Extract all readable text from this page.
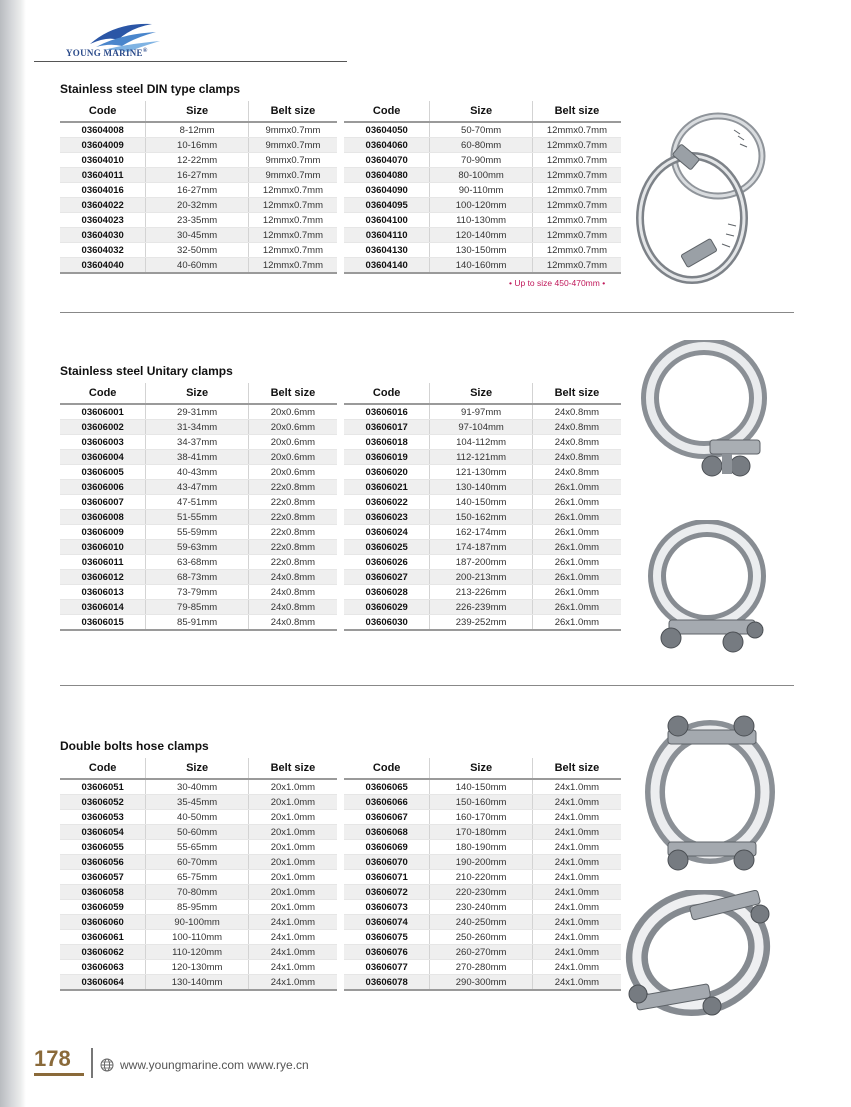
YOUNG MARINE®
Stainless steel DIN type clamps
Code	Size	Belt size
03604008	8-12mm	9mmx0.7mm
03604009	10-16mm	9mmx0.7mm
03604010	12-22mm	9mmx0.7mm
03604011	16-27mm	9mmx0.7mm
03604016	16-27mm	12mmx0.7mm
03604022	20-32mm	12mmx0.7mm
03604023	23-35mm	12mmx0.7mm
03604030	30-45mm	12mmx0.7mm
03604032	32-50mm	12mmx0.7mm
03604040	40-60mm	12mmx0.7mm
Code	Size	Belt size
03604050	50-70mm	12mmx0.7mm
03604060	60-80mm	12mmx0.7mm
03604070	70-90mm	12mmx0.7mm
03604080	80-100mm	12mmx0.7mm
03604090	90-110mm	12mmx0.7mm
03604095	100-120mm	12mmx0.7mm
03604100	110-130mm	12mmx0.7mm
03604110	120-140mm	12mmx0.7mm
03604130	130-150mm	12mmx0.7mm
03604140	140-160mm	12mmx0.7mm
• Up to size 450-470mm •
Stainless steel Unitary clamps
Code	Size	Belt size
03606001	29-31mm	20x0.6mm
03606002	31-34mm	20x0.6mm
03606003	34-37mm	20x0.6mm
03606004	38-41mm	20x0.6mm
03606005	40-43mm	20x0.6mm
03606006	43-47mm	22x0.8mm
03606007	47-51mm	22x0.8mm
03606008	51-55mm	22x0.8mm
03606009	55-59mm	22x0.8mm
03606010	59-63mm	22x0.8mm
03606011	63-68mm	22x0.8mm
03606012	68-73mm	24x0.8mm
03606013	73-79mm	24x0.8mm
03606014	79-85mm	24x0.8mm
03606015	85-91mm	24x0.8mm
Code	Size	Belt size
03606016	91-97mm	24x0.8mm
03606017	97-104mm	24x0.8mm
03606018	104-112mm	24x0.8mm
03606019	112-121mm	24x0.8mm
03606020	121-130mm	24x0.8mm
03606021	130-140mm	26x1.0mm
03606022	140-150mm	26x1.0mm
03606023	150-162mm	26x1.0mm
03606024	162-174mm	26x1.0mm
03606025	174-187mm	26x1.0mm
03606026	187-200mm	26x1.0mm
03606027	200-213mm	26x1.0mm
03606028	213-226mm	26x1.0mm
03606029	226-239mm	26x1.0mm
03606030	239-252mm	26x1.0mm
Double bolts hose clamps
Code	Size	Belt size
03606051	30-40mm	20x1.0mm
03606052	35-45mm	20x1.0mm
03606053	40-50mm	20x1.0mm
03606054	50-60mm	20x1.0mm
03606055	55-65mm	20x1.0mm
03606056	60-70mm	20x1.0mm
03606057	65-75mm	20x1.0mm
03606058	70-80mm	20x1.0mm
03606059	85-95mm	20x1.0mm
03606060	90-100mm	24x1.0mm
03606061	100-110mm	24x1.0mm
03606062	110-120mm	24x1.0mm
03606063	120-130mm	24x1.0mm
03606064	130-140mm	24x1.0mm
Code	Size	Belt size
03606065	140-150mm	24x1.0mm
03606066	150-160mm	24x1.0mm
03606067	160-170mm	24x1.0mm
03606068	170-180mm	24x1.0mm
03606069	180-190mm	24x1.0mm
03606070	190-200mm	24x1.0mm
03606071	210-220mm	24x1.0mm
03606072	220-230mm	24x1.0mm
03606073	230-240mm	24x1.0mm
03606074	240-250mm	24x1.0mm
03606075	250-260mm	24x1.0mm
03606076	260-270mm	24x1.0mm
03606077	270-280mm	24x1.0mm
03606078	290-300mm	24x1.0mm
178	www.youngmarine.com www.rye.cn
